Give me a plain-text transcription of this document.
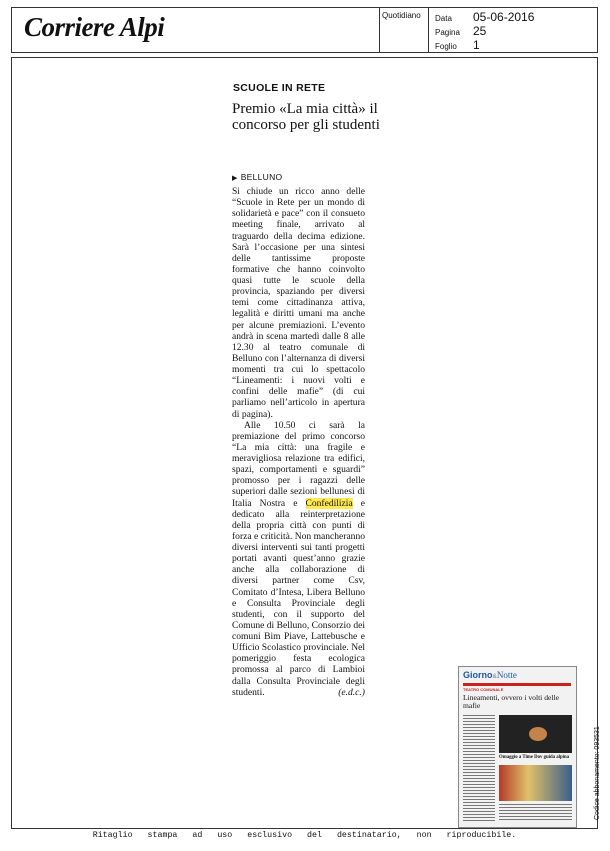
Corriere Alpi	Quotidiano Data 05-06-2016
Pagina 25
Foglio 1
SCUOLE IN RETE
Premio «La mia città» il concorso per gli studenti
▶ BELLUNO

Si chiude un ricco anno delle “Scuole in Rete per un mondo di solidarietà e pace” con il consueto meeting finale, arrivato al traguardo della decima edizione. Sarà l’occasione per una sintesi delle tantissime proposte formative che hanno coinvolto quasi tutte le scuole della provincia, spaziando per diversi temi come cittadinanza attiva, legalità e diritti umani ma anche per alcune premiazioni. L’evento andrà in scena martedì dalle 8 alle 12.30 al teatro comunale di Belluno con l’alternanza di diversi momenti tra cui lo spettacolo “Lineamenti: i nuovi volti e confini delle mafie” (di cui parliamo nell’articolo in apertura di pagina).

Alle 10.50 ci sarà la premiazione del primo concorso “La mia città: una fragile e meravigliosa relazione tra edifici, spazi, comportamenti e sguardi” promosso per i ragazzi delle superiori dalle sezioni bellunesi di Italia Nostra e Confedilizia e dedicato alla reinterpretazione della propria città con punti di forza e criticità. Non mancheranno diversi interventi sui tanti progetti portati avanti quest’anno grazie anche alla collaborazione di diversi partner come Csv, Comitato d’Intesa, Libera Belluno e Consulta Provinciale degli studenti, con il supporto del Comune di Belluno, Consorzio dei comuni Bim Piave, Lattebusche e Ufficio Scolastico provinciale. Nel pomeriggio festa ecologica promossa al parco di Lambioi dalla Consulta Provinciale degli studenti.	(e.d.c.)

Giorno&Notte
TEATRO COMUNALE
Lineamenti, ovvero i volti delle mafie
Omaggio a Time Dov guida alpina	Codice abbonamento: 093531
Ritaglio stampa ad uso esclusivo del destinatario, non riproducibile.
